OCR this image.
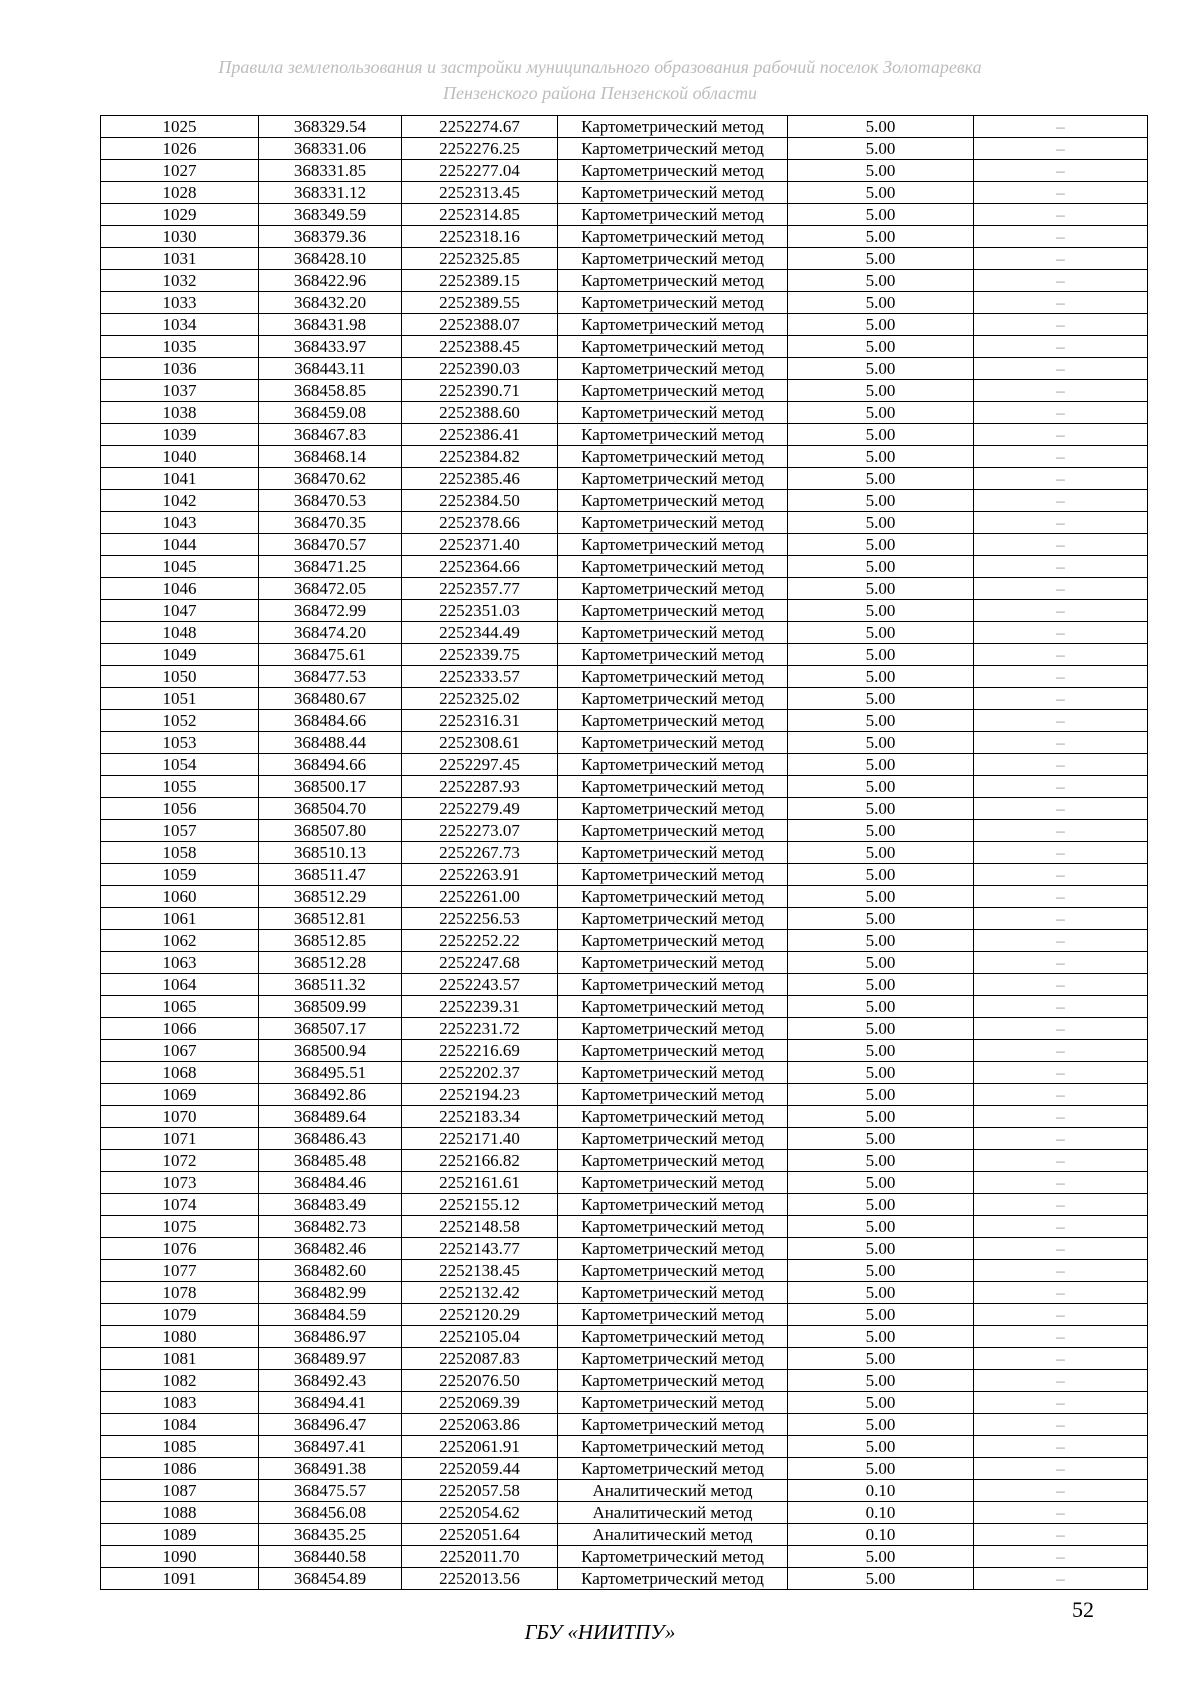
Правила землепользования и застройки муниципального образования рабочий поселок Золотаревка
Пензенского района Пензенской области
1025	368329.54	2252274.67	Картометрический метод	5.00	–
1026	368331.06	2252276.25	Картометрический метод	5.00	–
1027	368331.85	2252277.04	Картометрический метод	5.00	–
1028	368331.12	2252313.45	Картометрический метод	5.00	–
1029	368349.59	2252314.85	Картометрический метод	5.00	–
1030	368379.36	2252318.16	Картометрический метод	5.00	–
1031	368428.10	2252325.85	Картометрический метод	5.00	–
1032	368422.96	2252389.15	Картометрический метод	5.00	–
1033	368432.20	2252389.55	Картометрический метод	5.00	–
1034	368431.98	2252388.07	Картометрический метод	5.00	–
1035	368433.97	2252388.45	Картометрический метод	5.00	–
1036	368443.11	2252390.03	Картометрический метод	5.00	–
1037	368458.85	2252390.71	Картометрический метод	5.00	–
1038	368459.08	2252388.60	Картометрический метод	5.00	–
1039	368467.83	2252386.41	Картометрический метод	5.00	–
1040	368468.14	2252384.82	Картометрический метод	5.00	–
1041	368470.62	2252385.46	Картометрический метод	5.00	–
1042	368470.53	2252384.50	Картометрический метод	5.00	–
1043	368470.35	2252378.66	Картометрический метод	5.00	–
1044	368470.57	2252371.40	Картометрический метод	5.00	–
1045	368471.25	2252364.66	Картометрический метод	5.00	–
1046	368472.05	2252357.77	Картометрический метод	5.00	–
1047	368472.99	2252351.03	Картометрический метод	5.00	–
1048	368474.20	2252344.49	Картометрический метод	5.00	–
1049	368475.61	2252339.75	Картометрический метод	5.00	–
1050	368477.53	2252333.57	Картометрический метод	5.00	–
1051	368480.67	2252325.02	Картометрический метод	5.00	–
1052	368484.66	2252316.31	Картометрический метод	5.00	–
1053	368488.44	2252308.61	Картометрический метод	5.00	–
1054	368494.66	2252297.45	Картометрический метод	5.00	–
1055	368500.17	2252287.93	Картометрический метод	5.00	–
1056	368504.70	2252279.49	Картометрический метод	5.00	–
1057	368507.80	2252273.07	Картометрический метод	5.00	–
1058	368510.13	2252267.73	Картометрический метод	5.00	–
1059	368511.47	2252263.91	Картометрический метод	5.00	–
1060	368512.29	2252261.00	Картометрический метод	5.00	–
1061	368512.81	2252256.53	Картометрический метод	5.00	–
1062	368512.85	2252252.22	Картометрический метод	5.00	–
1063	368512.28	2252247.68	Картометрический метод	5.00	–
1064	368511.32	2252243.57	Картометрический метод	5.00	–
1065	368509.99	2252239.31	Картометрический метод	5.00	–
1066	368507.17	2252231.72	Картометрический метод	5.00	–
1067	368500.94	2252216.69	Картометрический метод	5.00	–
1068	368495.51	2252202.37	Картометрический метод	5.00	–
1069	368492.86	2252194.23	Картометрический метод	5.00	–
1070	368489.64	2252183.34	Картометрический метод	5.00	–
1071	368486.43	2252171.40	Картометрический метод	5.00	–
1072	368485.48	2252166.82	Картометрический метод	5.00	–
1073	368484.46	2252161.61	Картометрический метод	5.00	–
1074	368483.49	2252155.12	Картометрический метод	5.00	–
1075	368482.73	2252148.58	Картометрический метод	5.00	–
1076	368482.46	2252143.77	Картометрический метод	5.00	–
1077	368482.60	2252138.45	Картометрический метод	5.00	–
1078	368482.99	2252132.42	Картометрический метод	5.00	–
1079	368484.59	2252120.29	Картометрический метод	5.00	–
1080	368486.97	2252105.04	Картометрический метод	5.00	–
1081	368489.97	2252087.83	Картометрический метод	5.00	–
1082	368492.43	2252076.50	Картометрический метод	5.00	–
1083	368494.41	2252069.39	Картометрический метод	5.00	–
1084	368496.47	2252063.86	Картометрический метод	5.00	–
1085	368497.41	2252061.91	Картометрический метод	5.00	–
1086	368491.38	2252059.44	Картометрический метод	5.00	–
1087	368475.57	2252057.58	Аналитический метод	0.10	–
1088	368456.08	2252054.62	Аналитический метод	0.10	–
1089	368435.25	2252051.64	Аналитический метод	0.10	–
1090	368440.58	2252011.70	Картометрический метод	5.00	–
1091	368454.89	2252013.56	Картометрический метод	5.00	–
52
ГБУ «НИИТПУ»
